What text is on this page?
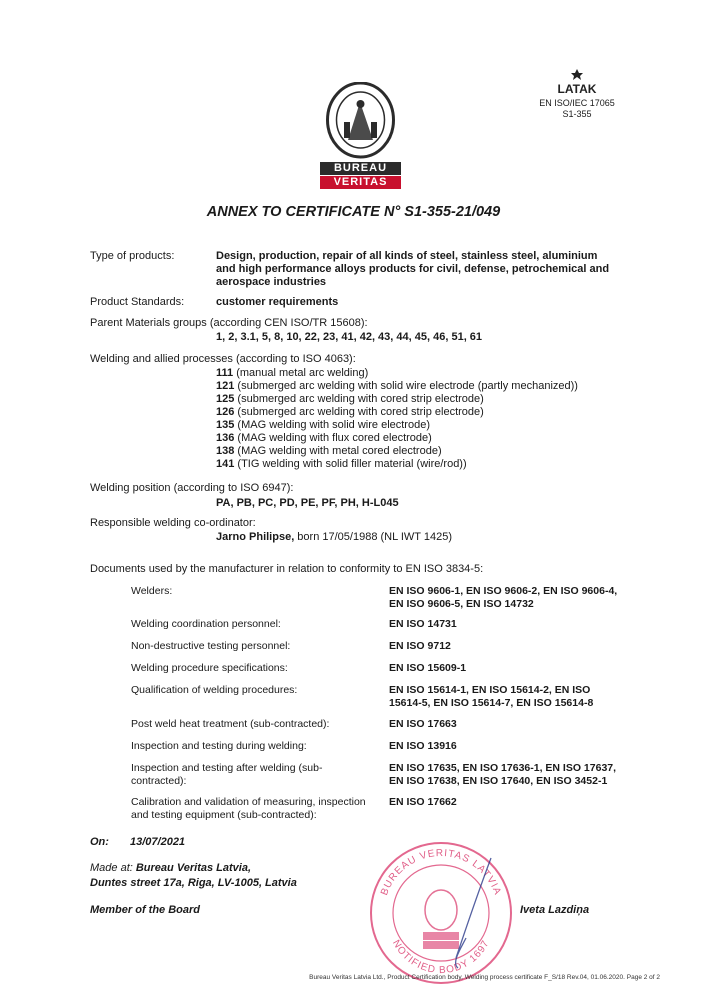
BUREAU
VERITAS
LATAK
EN ISO/IEC 17065
S1-355
ANNEX TO CERTIFICATE N° S1-355-21/049
Type of products:	Design, production, repair of all kinds of steel, stainless steel, aluminium
and high performance alloys products for civil, defense, petrochemical and
aerospace industries
Product Standards:	customer requirements
Parent Materials groups (according CEN ISO/TR 15608):
1, 2, 3.1, 5, 8, 10, 22, 23, 41, 42, 43, 44, 45, 46, 51, 61
Welding and allied processes (according to ISO 4063):
111 (manual metal arc welding)
121 (submerged arc welding with solid wire electrode (partly mechanized))
125 (submerged arc welding with cored strip electrode)
126 (submerged arc welding with cored strip electrode)
135 (MAG welding with solid wire electrode)
136 (MAG welding with flux cored electrode)
138 (MAG welding with metal cored electrode)
141 (TIG welding with solid filler material (wire/rod))
Welding position (according to ISO 6947):
PA, PB, PC, PD, PE, PF, PH, H-L045
Responsible welding co-ordinator:
Jarno Philipse, born 17/05/1988 (NL IWT 1425)
Documents used by the manufacturer in relation to conformity to EN ISO 3834-5:
Welders:	EN ISO 9606-1, EN ISO 9606-2, EN ISO 9606-4,
EN ISO 9606-5, EN ISO 14732
Welding coordination personnel:	EN ISO 14731
Non-destructive testing personnel:	EN ISO 9712
Welding procedure specifications:	EN ISO 15609-1
Qualification of welding procedures:	EN ISO 15614-1, EN ISO 15614-2, EN ISO
15614-5, EN ISO 15614-7, EN ISO 15614-8
Post weld heat treatment (sub-contracted):	EN ISO 17663
Inspection and testing during welding:	EN ISO 13916
Inspection and testing after welding (sub-
contracted):
EN ISO 17635, EN ISO 17636-1, EN ISO 17637,
EN ISO 17638, EN ISO 17640, EN ISO 3452-1
Calibration and validation of measuring, inspection
and testing equipment (sub-contracted):
EN ISO 17662
On: 13/07/2021
Made at: Bureau Veritas Latvia,
Duntes street 17a, Riga, LV-1005, Latvia
Member of the Board	Iveta Lazdiņa
BUREAU VERITAS LATVIA
NOTIFIED BODY 1697
Bureau Veritas Latvia Ltd., Product Certification body, Welding process certificate F_S/18 Rev.04, 01.06.2020. Page 2 of 2
